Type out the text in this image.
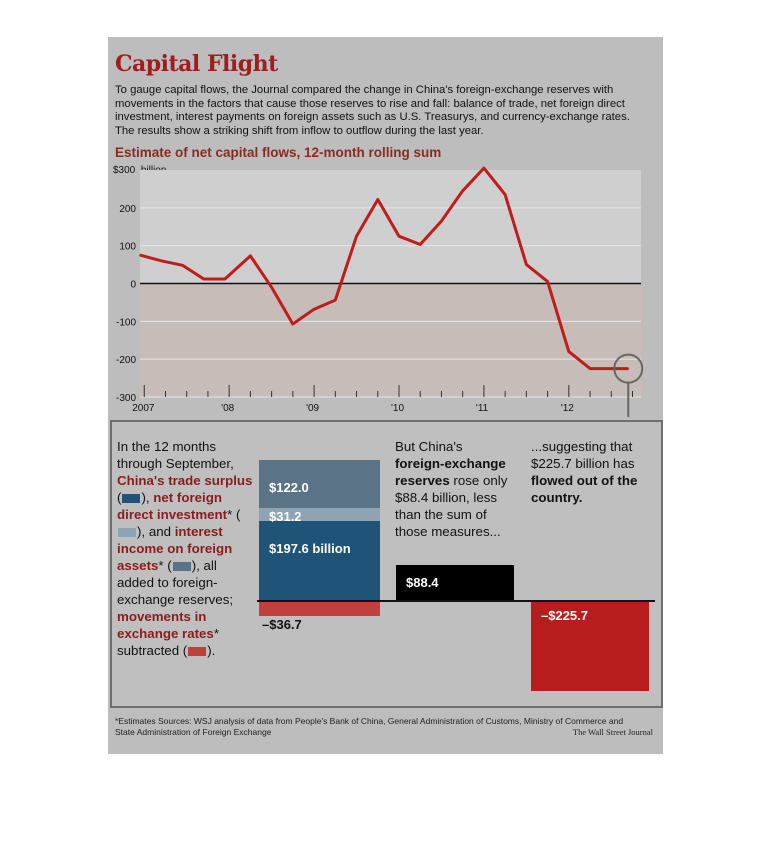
Capital Flight
To gauge capital flows, the Journal compared the change in China's foreign-exchange reserves with movements in the factors that cause those reserves to rise and fall: balance of trade, net foreign direct investment, interest payments on foreign assets such as U.S. Treasurys, and currency-exchange rates. The results show a striking shift from inflow to outflow during the last year.
Estimate of net capital flows, 12-month rolling sum
$300
200
100
0
-100
-200
-300
2007	'08	'09	'10	'11	'12
In the 12 months through September, China's trade surplus ( ), net foreign direct investment* (), and interest income on foreign assets* ( ), all added to foreign-exchange reserves; movements in exchange rates* subtracted ( ).
But China's foreign-exchange reserves rose only $88.4 billion, less than the sum of those measures...
...suggesting that $225.7 billion has flowed out of the country.
$197.6 billion
$31.2
$122.0
–$36.7
$88.4
–$225.7
*Estimates Sources: WSJ analysis of data from People's Bank of China, General Administration of Customs, Ministry of Commerce and State Administration of Foreign Exchange	The Wall Street Journal
